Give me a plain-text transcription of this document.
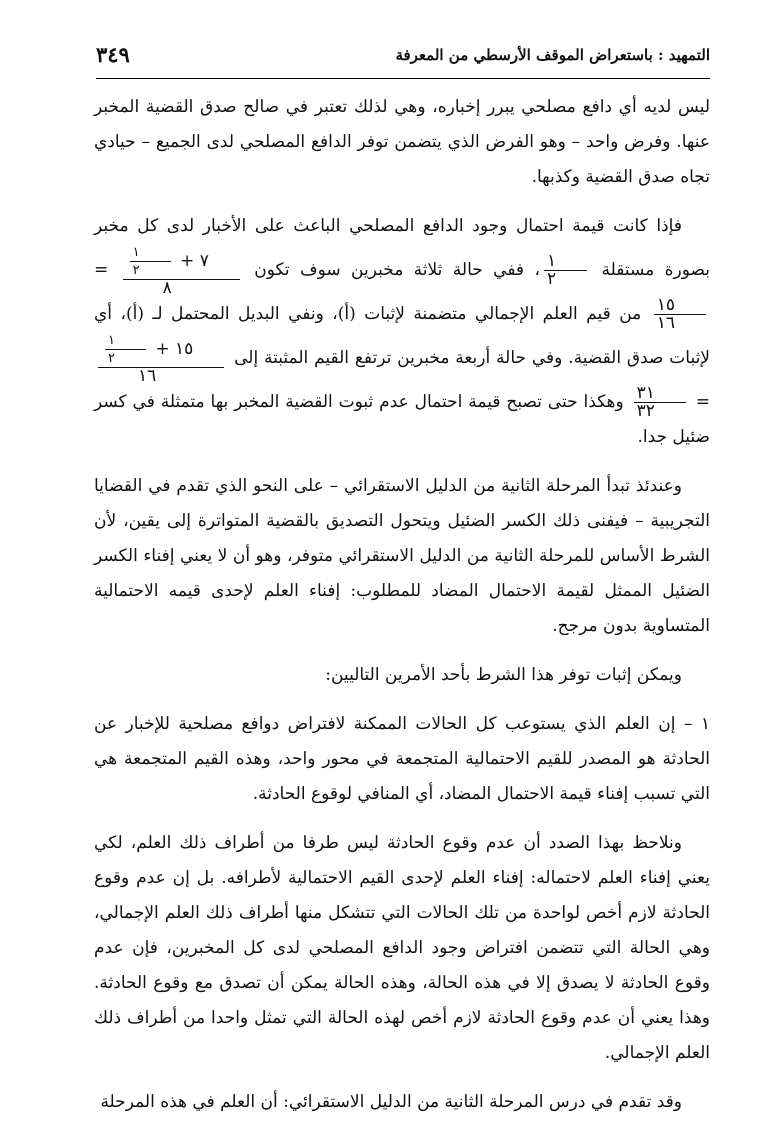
٣٤٩	التمهيد : باستعراض الموقف الأرسطي من المعرفة

ليس لديه أي دافع مصلحي يبرر إخباره، وهي لذلك تعتبر في صالح صدق القضية المخبر عنها. وفرض واحد – وهو الفرض الذي يتضمن توفر الدافع المصلحي لدى الجميع – حيادي تجاه صدق القضية وكذبها.

فإذا كانت قيمة احتمال وجود الدافع المصلحي الباعث على الأخبار لدى كل مخبر بصورة مستقلة
$\frac{١}{٢}$
، ففي حالة ثلاثة مخبرين سوف تكون
٧ +
$\frac{١}{٢}$
٨
=
$\frac{١٥}{١٦}$
من قيم العلم الإجمالي متضمنة لإثبات (أ)، ونفي البديل المحتمل لـ (أ)، أي لإثبات صدق القضية. وفي حالة أربعة مخبرين ترتفع القيم المثبتة إلى
١٥ +
$\frac{١}{٢}$
١٦
=
$\frac{٣١}{٣٢}$
وهكذا حتى تصبح قيمة احتمال عدم ثبوت القضية المخبر بها متمثلة في كسر ضئيل جدا.

وعندئذ تبدأ المرحلة الثانية من الدليل الاستقرائي – على النحو الذي تقدم في القضايا التجريبية – فيفنى ذلك الكسر الضئيل ويتحول التصديق بالقضية المتواترة إلى يقين، لأن الشرط الأساس للمرحلة الثانية من الدليل الاستقرائي متوفر، وهو أن لا يعني إفناء الكسر الضئيل الممثل لقيمة الاحتمال المضاد للمطلوب: إفناء العلم لإحدى قيمه الاحتمالية المتساوية بدون مرجح.

ويمكن إثبات توفر هذا الشرط بأحد الأمرين التاليين:

١ – إن العلم الذي يستوعب كل الحالات الممكنة لافتراض دوافع مصلحية للإخبار عن الحادثة هو المصدر للقيم الاحتمالية المتجمعة في محور واحد، وهذه القيم المتجمعة هي التي تسبب إفناء قيمة الاحتمال المضاد، أي المنافي لوقوع الحادثة.

ونلاحظ بهذا الصدد أن عدم وقوع الحادثة ليس طرفا من أطراف ذلك العلم، لكي يعني إفناء العلم لاحتماله: إفناء العلم لإحدى القيم الاحتمالية لأطرافه. بل إن عدم وقوع الحادثة لازم أخص لواحدة من تلك الحالات التي تتشكل منها أطراف ذلك العلم الإجمالي، وهي الحالة التي تتضمن افتراض وجود الدافع المصلحي لدى كل المخبرين، فإن عدم وقوع الحادثة لا يصدق إلا في هذه الحالة، وهذه الحالة يمكن أن تصدق مع وقوع الحادثة. وهذا يعني أن عدم وقوع الحادثة لازم أخص لهذه الحالة التي تمثل واحدا من أطراف ذلك العلم الإجمالي.

وقد تقدم في درس المرحلة الثانية من الدليل الاستقرائي: أن العلم في هذه المرحلة
